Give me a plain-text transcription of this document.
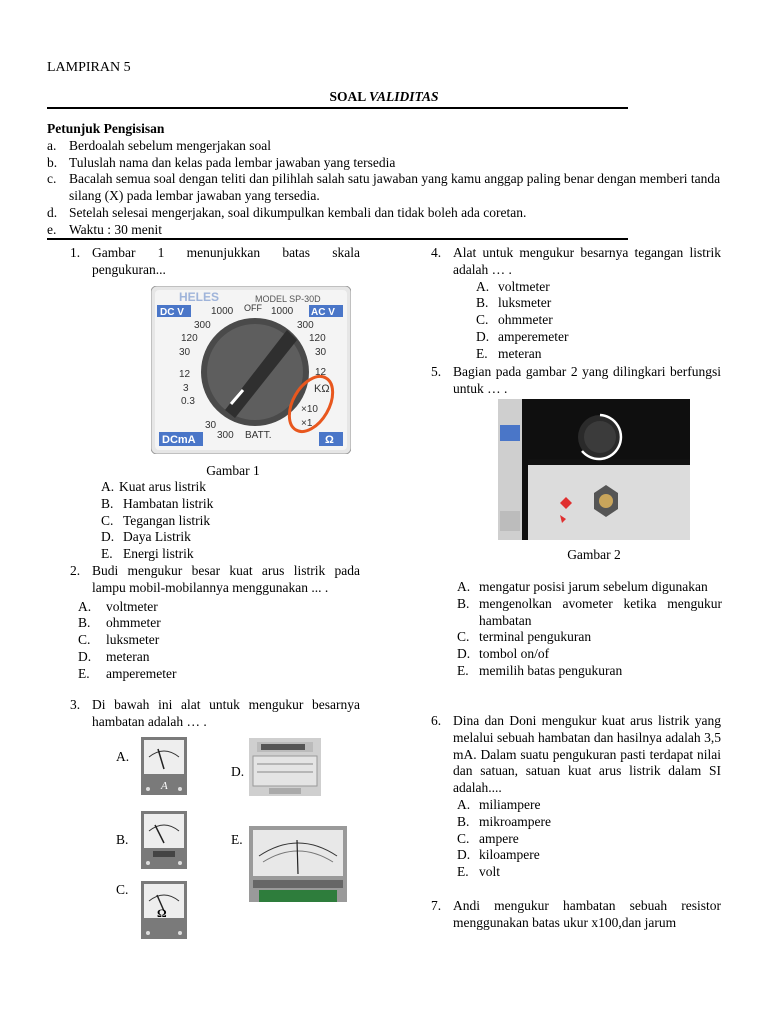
LAMPIRAN 5
SOAL VALIDITAS
Petunjuk Pengisisan
a. Berdoalah sebelum mengerjakan soal
b. Tuluslah nama dan kelas pada lembar jawaban yang tersedia
c. Bacalah semua soal dengan teliti dan pilihlah salah satu jawaban yang kamu anggap paling benar dengan memberi tanda silang (X) pada lembar jawaban yang tersedia.
d. Setelah selesai mengerjakan, soal dikumpulkan kembali dan tidak boleh ada coretan.
e. Waktu : 30 menit
1. Gambar 1 menunjukkan batas skala pengukuran...
HELES	MODEL SP-30D
DC V	AC V
OFF
1000
300
120
30
12
3
0.3
1000
300
120
30
12
KΩ
×10
×1
30
300 BATT.
DCmA	Ω
Gambar 1
A. Kuat arus listrik
B. Hambatan listrik
C. Tegangan listrik
D. Daya Listrik
E. Energi listrik
2. Budi mengukur besar kuat arus listrik pada lampu mobil-mobilannya menggunakan ... .
A.	voltmeter
B.	ohmmeter
C.	luksmeter
D.	meteran
E.	amperemeter
3. Di bawah ini alat untuk mengukur besarnya hambatan adalah … .
A.
A
D.
B.	E.
C.
Ω
4. Alat untuk mengukur besarnya tegangan listrik adalah … .
A. voltmeter
B. luksmeter
C. ohmmeter
D. amperemeter
E. meteran
5. Bagian pada gambar 2 yang dilingkari berfungsi untuk … .
Gambar 2
A. mengatur posisi jarum sebelum digunakan
B. mengenolkan avometer ketika mengukur hambatan
C. terminal pengukuran
D. tombol on/of
E. memilih batas pengukuran
6. Dina dan Doni mengukur kuat arus listrik yang melalui sebuah hambatan dan hasilnya adalah 3,5 mA. Dalam suatu pengukuran pasti terdapat nilai dan satuan, satuan kuat arus listrik dalam SI adalah....
A. miliampere
B. mikroampere
C. ampere
D. kiloampere
E. volt
7. Andi mengukur hambatan sebuah resistor menggunakan batas ukur x100,dan jarum
